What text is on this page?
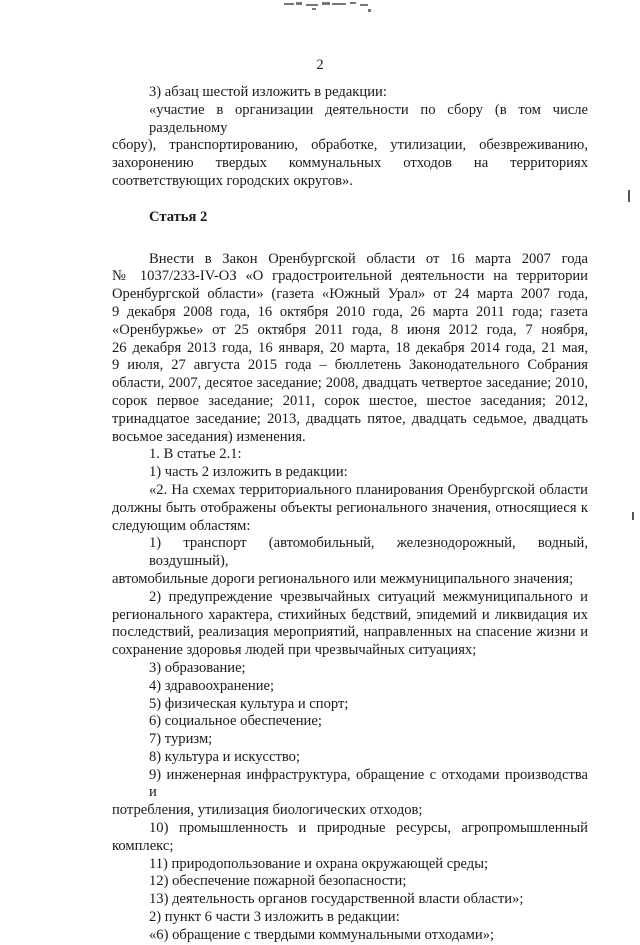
2

3) абзац шестой изложить в редакции:

«участие в организации деятельности по сбору (в том числе раздельному

сбору), транспортированию, обработке, утилизации, обезвреживанию,

захоронению твердых коммунальных отходов на территориях

соответствующих городских округов».

Статья 2

Внести в Закон Оренбургской области от 16 марта 2007 года

№ 1037/233-IV-ОЗ «О градостроительной деятельности на территории

Оренбургской области» (газета «Южный Урал» от 24 марта 2007 года,

9 декабря 2008 года, 16 октября 2010 года, 26 марта 2011 года; газета

«Оренбуржье» от 25 октября 2011 года, 8 июня 2012 года, 7 ноября,

26 декабря 2013 года, 16 января, 20 марта, 18 декабря 2014 года, 21 мая,

9 июля, 27 августа 2015 года – бюллетень Законодательного Собрания

области, 2007, десятое заседание; 2008, двадцать четвертое заседание; 2010,

сорок первое заседание; 2011, сорок шестое, шестое заседания; 2012,

тринадцатое заседание; 2013, двадцать пятое, двадцать седьмое, двадцать

восьмое заседания) изменения.

1. В статье 2.1:

1) часть 2 изложить в редакции:

«2. На схемах территориального планирования Оренбургской области

должны быть отображены объекты регионального значения, относящиеся к

следующим областям:

1) транспорт (автомобильный, железнодорожный, водный, воздушный),

автомобильные дороги регионального или межмуниципального значения;

2) предупреждение чрезвычайных ситуаций межмуниципального и

регионального характера, стихийных бедствий, эпидемий и ликвидация их

последствий, реализация мероприятий, направленных на спасение жизни и

сохранение здоровья людей при чрезвычайных ситуациях;

3) образование;

4) здравоохранение;

5) физическая культура и спорт;

6) социальное обеспечение;

7) туризм;

8) культура и искусство;

9) инженерная инфраструктура, обращение с отходами производства и

потребления, утилизация биологических отходов;

10) промышленность и природные ресурсы, агропромышленный

комплекс;

11) природопользование и охрана окружающей среды;

12) обеспечение пожарной безопасности;

13) деятельность органов государственной власти области»;

2) пункт 6 части 3 изложить в редакции:

«6) обращение с твердыми коммунальными отходами»;
